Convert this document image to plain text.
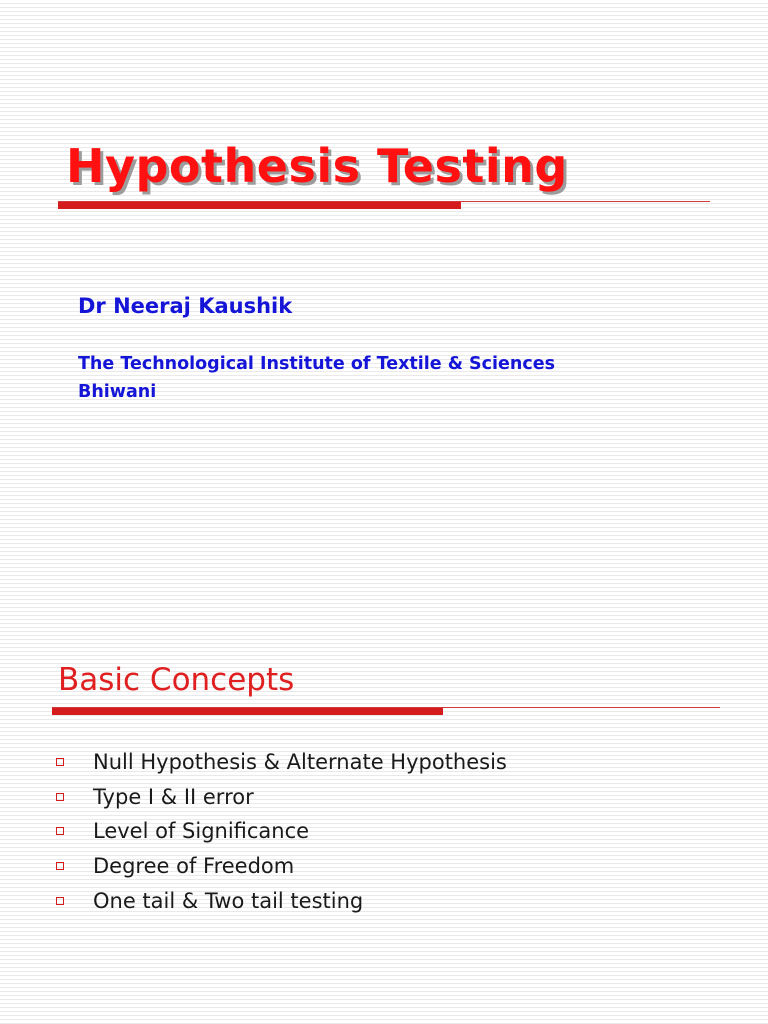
Hypothesis Testing

Dr Neeraj Kaushik

The Technological Institute of Textile & Sciences
Bhiwani
Basic Concepts
Null Hypothesis & Alternate Hypothesis
Type I & II error
Level of Significance
Degree of Freedom
One tail & Two tail testing
